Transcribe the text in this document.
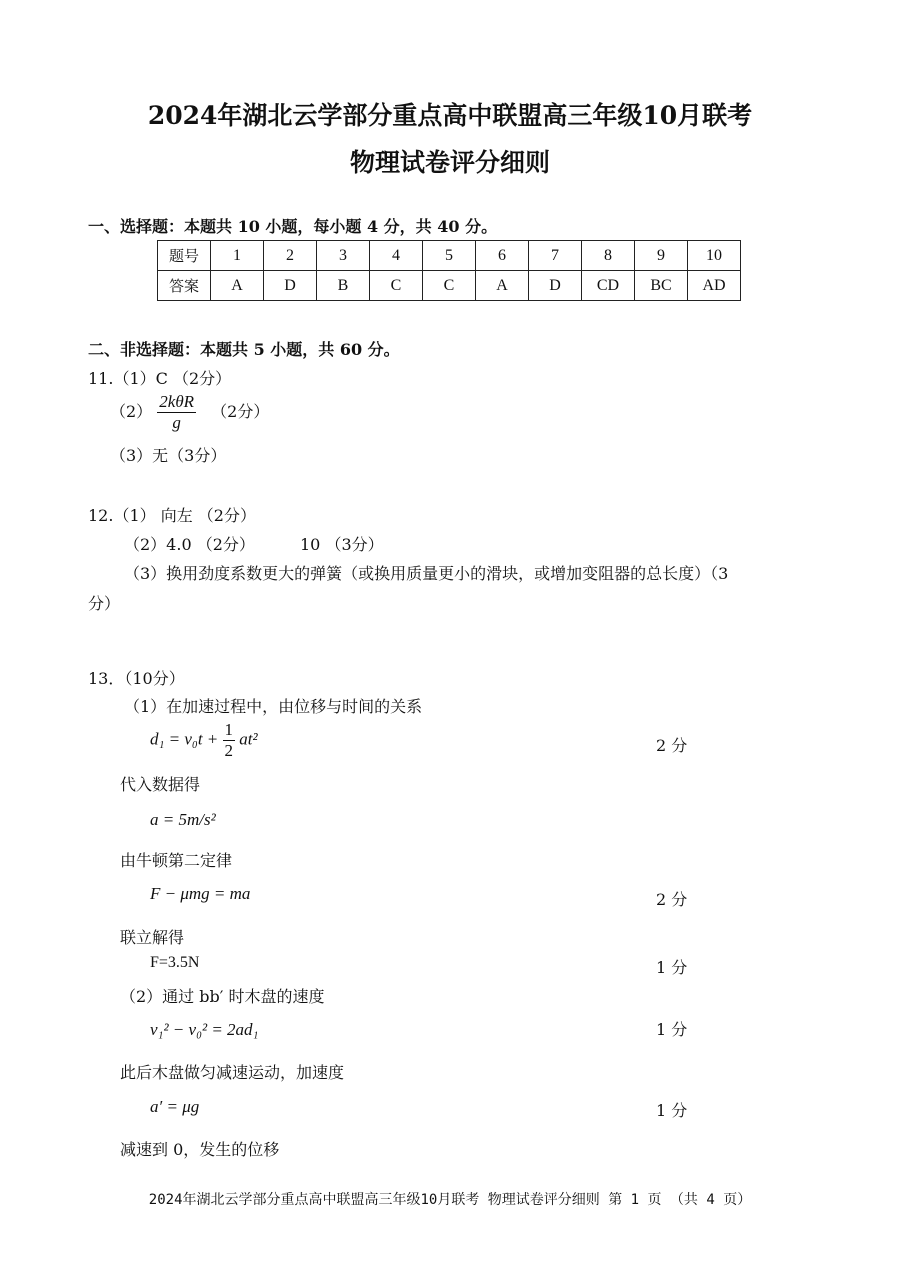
2024年湖北云学部分重点高中联盟高三年级10月联考
物理试卷评分细则
一、选择题：本题共 10 小题，每小题 4 分，共 40 分。
题号	1	2	3	4	5	6	7	8	9	10
答案	A	D	B	C	C	A	D	CD	BC	AD
二、非选择题：本题共 5 小题，共 60 分。
11.（1）C （2分）
$(2) \frac{\text{2kθR}}{g} (2$分）
（3）无（3分）
12.（1） 向左 （2分）
（2）4.0 （2分）	10 （3分）
（3）换用劲度系数更大的弹簧（或换用质量更小的滑块，或增加变阻器的总长度）（3
分）
13．（10分）
（1）在加速过程中，由位移与时间的关系
$d_1 = v_0t + \frac{1}{2} at^2$	2 分
代入数据得
a = 5m/s²
由牛顿第二定律
F − μmg = ma	2 分
联立解得
F=3.5N	1 分
（2）通过 bb′ 时木盘的速度
v₁² − v₀² = 2ad₁	1 分
此后木盘做匀减速运动，加速度
a′ = μg	1 分
减速到 0，发生的位移
2024年湖北云学部分重点高中联盟高三年级10月联考 物理试卷评分细则 第 1 页 （共 4 页）
